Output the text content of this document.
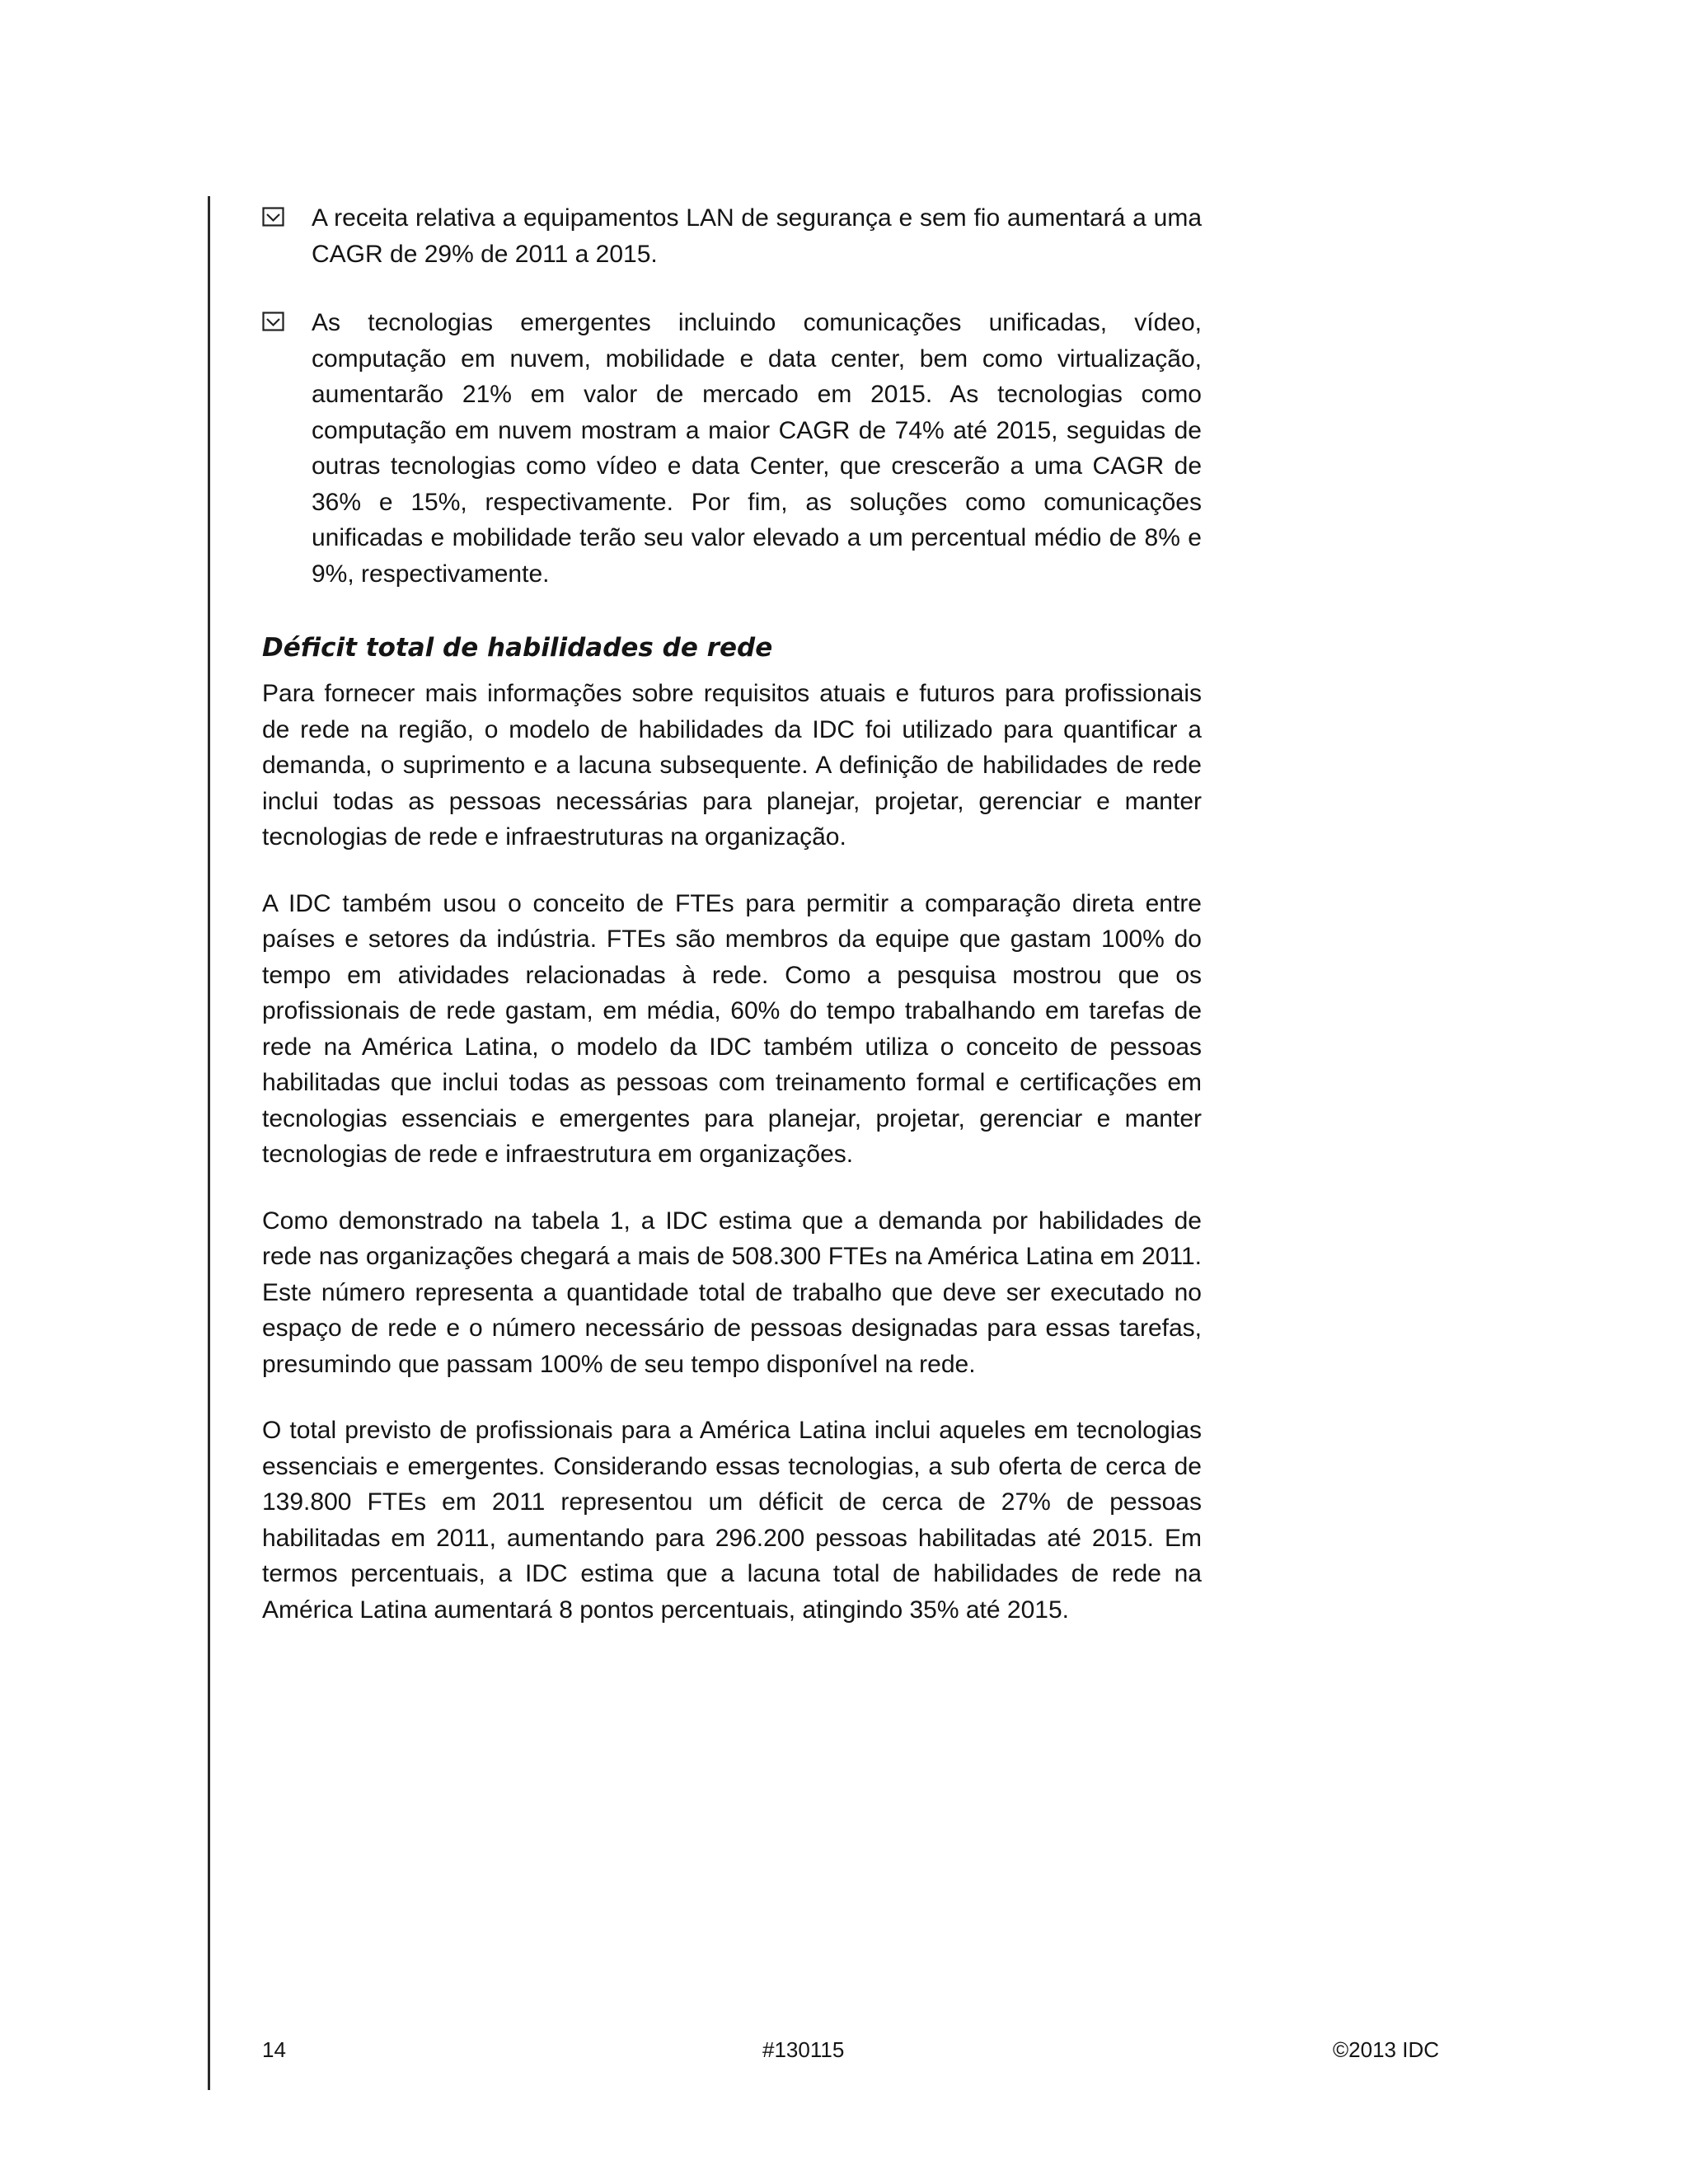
A receita relativa a equipamentos LAN de segurança e sem fio aumentará a uma CAGR de 29% de 2011 a 2015.
As tecnologias emergentes incluindo comunicações unificadas, vídeo, computação em nuvem, mobilidade e data center, bem como virtualização, aumentarão 21% em valor de mercado em 2015. As tecnologias como computação em nuvem mostram a maior CAGR de 74% até 2015, seguidas de outras tecnologias como vídeo e data Center, que crescerão a uma CAGR de 36% e 15%, respectivamente. Por fim, as soluções como comunicações unificadas e mobilidade terão seu valor elevado a um percentual médio de 8% e 9%, respectivamente.
Déficit total de habilidades de rede

Para fornecer mais informações sobre requisitos atuais e futuros para profissionais de rede na região, o modelo de habilidades da IDC foi utilizado para quantificar a demanda, o suprimento e a lacuna subsequente. A definição de habilidades de rede inclui todas as pessoas necessárias para planejar, projetar, gerenciar e manter tecnologias de rede e infraestruturas na organização.

A IDC também usou o conceito de FTEs para permitir a comparação direta entre países e setores da indústria. FTEs são membros da equipe que gastam 100% do tempo em atividades relacionadas à rede. Como a pesquisa mostrou que os profissionais de rede gastam, em média, 60% do tempo trabalhando em tarefas de rede na América Latina, o modelo da IDC também utiliza o conceito de pessoas habilitadas que inclui todas as pessoas com treinamento formal e certificações em tecnologias essenciais e emergentes para planejar, projetar, gerenciar e manter tecnologias de rede e infraestrutura em organizações.

Como demonstrado na tabela 1, a IDC estima que a demanda por habilidades de rede nas organizações chegará a mais de 508.300 FTEs na América Latina em 2011. Este número representa a quantidade total de trabalho que deve ser executado no espaço de rede e o número necessário de pessoas designadas para essas tarefas, presumindo que passam 100% de seu tempo disponível na rede.

O total previsto de profissionais para a América Latina inclui aqueles em tecnologias essenciais e emergentes. Considerando essas tecnologias, a sub oferta de cerca de 139.800 FTEs em 2011 representou um déficit de cerca de 27% de pessoas habilitadas em 2011, aumentando para 296.200 pessoas habilitadas até 2015. Em termos percentuais, a IDC estima que a lacuna total de habilidades de rede na América Latina aumentará 8 pontos percentuais, atingindo 35% até 2015.

14	#130115	©2013 IDC
